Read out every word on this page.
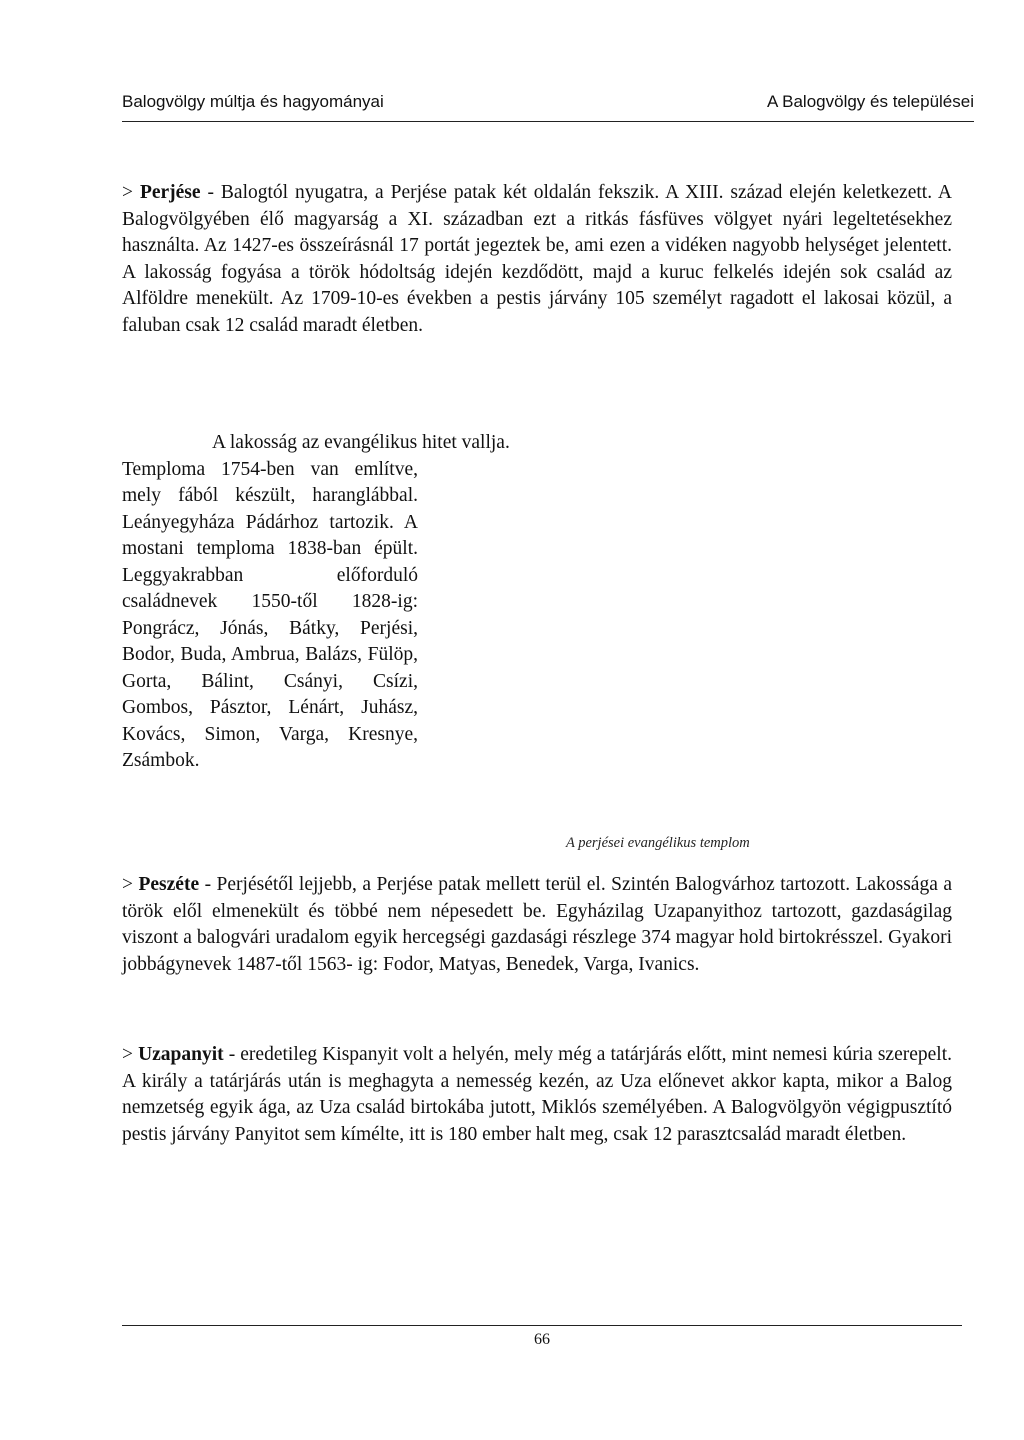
Balogvölgy múltja és hagyományai	A Balogvölgy és települései

> Perjése - Balogtól nyugatra, a Perjése patak két oldalán fekszik. A XIII. század elején keletkezett. A Balogvölgyében élő magyarság a XI. században ezt a ritkás fásfüves völgyet nyári legeltetésekhez használta. Az 1427-es összeírásnál 17 portát jegeztek be, ami ezen a vidéken nagyobb helységet jelentett. A lakosság fogyása a török hódoltság idején kezdődött, majd a kuruc felkelés idején sok család az Alföldre menekült. Az 1709-10-es években a pestis járvány 105 személyt ragadott el lakosai közül, a faluban csak 12 család maradt életben.

A lakosság az evangélikus hitet vallja.
Temploma 1754-ben van említve, mely fából készült, haranglábbal. Leányegyháza Pádárhoz tartozik. A mostani temploma 1838-ban épült. Leggyakrabban előforduló családnevek 1550-től 1828-ig: Pongrácz, Jónás, Bátky, Perjési, Bodor, Buda, Ambrua, Balázs, Fülöp, Gorta, Bálint, Csányi, Csízi, Gombos, Pásztor, Lénárt, Juhász, Kovács, Simon, Varga, Kresnye, Zsámbok.
A perjései evangélikus templom

> Peszéte - Perjésétől lejjebb, a Perjése patak mellett terül el. Szintén Balogvárhoz tartozott. Lakossága a török elől elmenekült és többé nem népesedett be. Egyházilag Uzapanyithoz tartozott, gazdaságilag viszont a balogvári uradalom egyik hercegségi gazdasági részlege 374 magyar hold birtokrésszel. Gyakori jobbágynevek 1487-től 1563- ig: Fodor, Matyas, Benedek, Varga, Ivanics.

> Uzapanyit - eredetileg Kispanyit volt a helyén, mely még a tatárjárás előtt, mint nemesi kúria szerepelt. A király a tatárjárás után is meghagyta a nemesség kezén, az Uza előnevet akkor kapta, mikor a Balog nemzetség egyik ága, az Uza család birtokába jutott, Miklós személyében. A Balogvölgyön végigpusztító pestis járvány Panyitot sem kímélte, itt is 180 ember halt meg, csak 12 parasztcsalád maradt életben.

66
